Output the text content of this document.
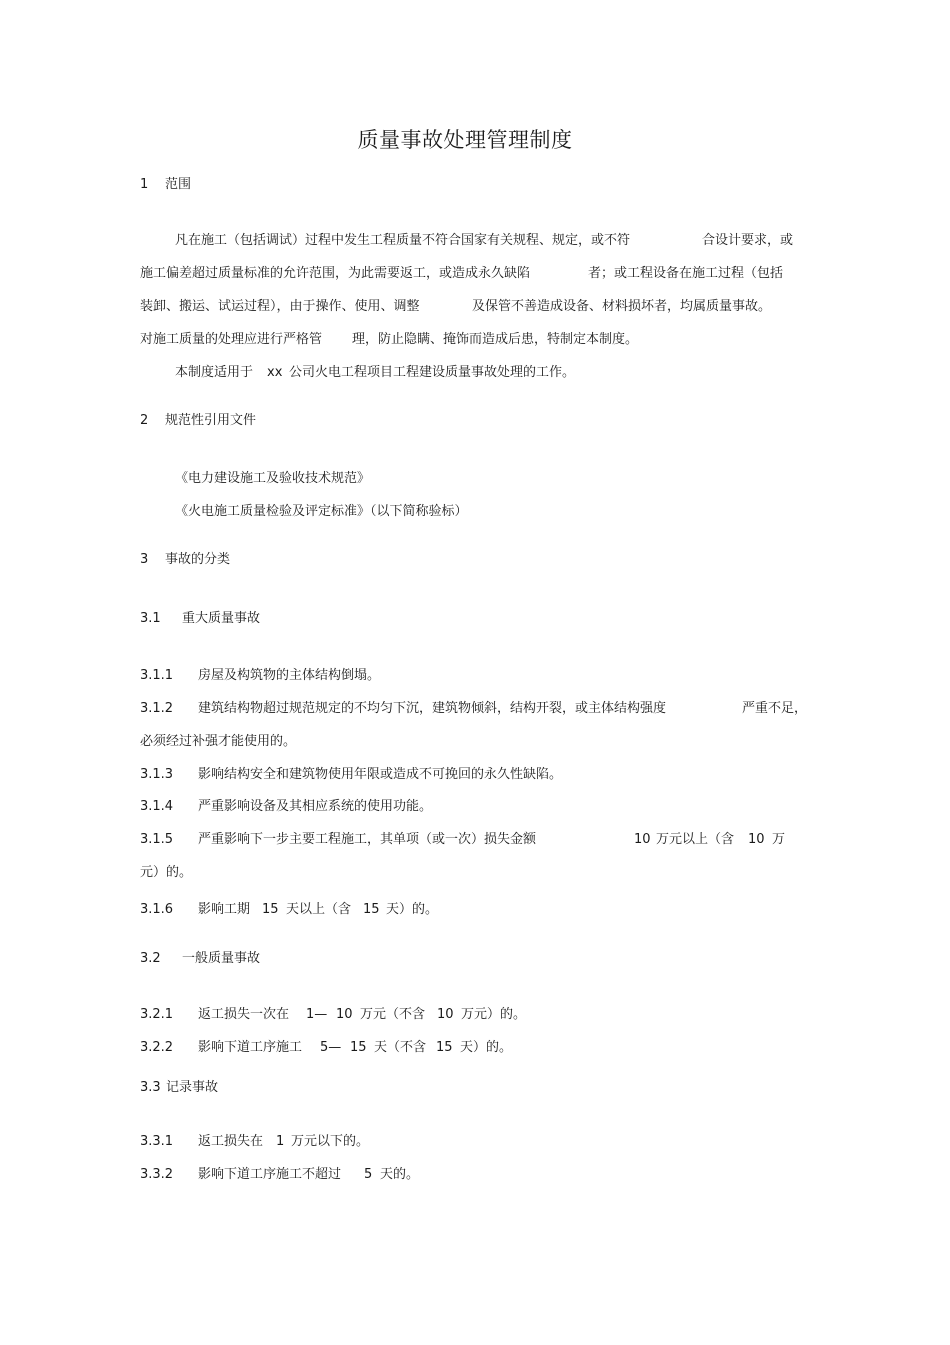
质量事故处理管理制度
1 范围
凡在施工（包括调试）过程中发生工程质量不符合国家有关规程、规定，或不符	合设计要求，或
施工偏差超过质量标准的允许范围，为此需要返工，或造成永久缺陷	者；或工程设备在施工过程（包括
装卸、搬运、试运过程），由于操作、使用、调整	及保管不善造成设备、材料损坏者，均属质量事故。
对施工质量的处理应进行严格管 理，防止隐瞒、掩饰而造成后患，特制定本制度。
本制度适用于 xx 公司火电工程项目工程建设质量事故处理的工作。
2 规范性引用文件
《电力建设施工及验收技术规范》
《火电施工质量检验及评定标准》（以下简称验标）
3 事故的分类
3.1 重大质量事故
3.1.1 房屋及构筑物的主体结构倒塌。
3.1.2 建筑结构物超过规范规定的不均匀下沉，建筑物倾斜，结构开裂，或主体结构强度	严重不足，
必须经过补强才能使用的。
3.1.3 影响结构安全和建筑物使用年限或造成不可挽回的永久性缺陷。
3.1.4 严重影响设备及其相应系统的使用功能。
3.1.5 严重影响下一步主要工程施工，其单项（或一次）损失金额	10 万元以上（含 10 万
元）的。
3.1.6 影响工期 15 天以上（含 15 天）的。
3.2 一般质量事故
3.2.1 返工损失一次在 1— 10 万元（不含 10 万元）的。
3.2.2 影响下道工序施工 5— 15 天（不含 15 天）的。
3.3 记录事故
3.3.1 返工损失在 1 万元以下的。
3.3.2 影响下道工序施工不超过 5 天的。
